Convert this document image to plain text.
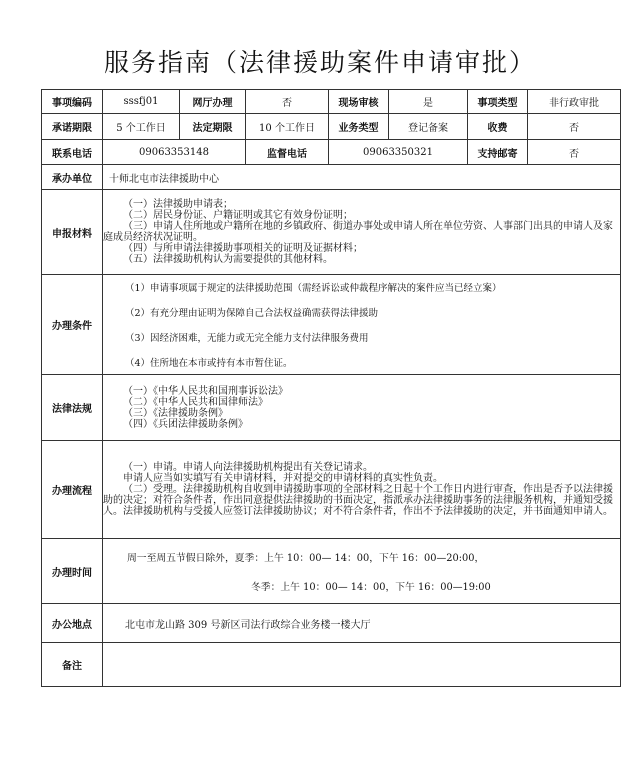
服务指南（法律援助案件申请审批）
事项编码	sssfj01	网厅办理	否	现场审核	是	事项类型	非行政审批
承诺期限	5 个工作日	法定期限	10 个工作日	业务类型	登记备案	收费	否
联系电话	09063353148		监督电话	09063350321		支持邮寄	否
承办单位	十师北屯市法律援助中心						
申报材料	（一）法律援助申请表；
（二）居民身份证、户籍证明或其它有效身份证明；
（三）申请人住所地或户籍所在地的乡镇政府、街道办事处或申请人所在单位劳资、人事部门出具的申请人及家庭成员经济状况证明。
（四）与所申请法律援助事项相关的证明及证据材料；
（五）法律援助机构认为需要提供的其他材料。						

办理条件	（1）申请事项属于规定的法律援助范围（需经诉讼或仲裁程序解决的案件应当已经立案）
（2）有充分理由证明为保障自己合法权益确需获得法律援助
（3）因经济困难，无能力或无完全能力支付法律服务费用
（4）住所地在本市或持有本市暂住证。						

法律法规	（一）《中华人民共和国刑事诉讼法》
（二）《中华人民共和国律师法》
（三）《法律援助条例》
（四）《兵团法律援助条例》						

办理流程	（一）申请。申请人向法律援助机构提出有关登记请求。
申请人应当如实填写有关申请材料，并对提交的申请材料的真实性负责。
（二）受理。法律援助机构自收到申请援助事项的全部材料之日起十个工作日内进行审查，作出是否予以法律援助的决定；对符合条件者，作出同意提供法律援助的书面决定，指派承办法律援助事务的法律服务机构，并通知受援人。法律援助机构与受援人应签订法律援助协议；对不符合条件者，作出不予法律援助的决定，并书面通知申请人。						

办理时间	周一至周五节假日除外，夏季：上午 10：00— 14：00，下午 16：00—20:00，
冬季：上午 10：00— 14：00，下午 16：00—19:00						

办公地点	北屯市龙山路 309 号新区司法行政综合业务楼一楼大厅						
备注							
